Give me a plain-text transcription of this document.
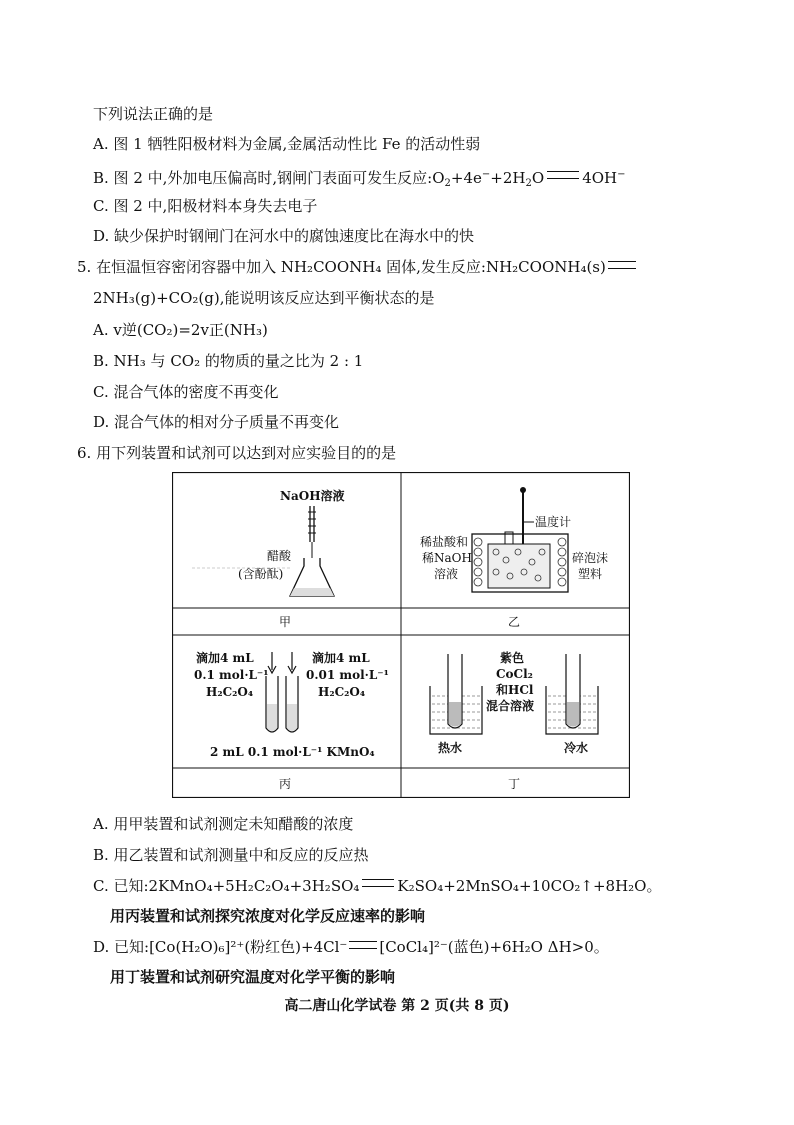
下列说法正确的是
A. 图 1 牺牲阳极材料为金属,金属活动性比 Fe 的活动性弱
B. 图 2 中,外加电压偏高时,钢闸门表面可发生反应$:O_2+4e^-+2H_2O$	4OH−
C. 图 2 中,阳极材料本身失去电子
D. 缺少保护时钢闸门在河水中的腐蚀速度比在海水中的快
5. 在恒温恒容密闭容器中加入 NH₂COONH₄ 固体,发生反应:NH₂COONH₄(s)
2NH₃(g)+CO₂(g),能说明该反应达到平衡状态的是
A. v逆(CO₂)=2v正(NH₃)
B. NH₃ 与 CO₂ 的物质的量之比为 2 : 1
C. 混合气体的密度不再变化
D. 混合气体的相对分子质量不再变化
6. 用下列装置和试剂可以达到对应实验目的的是
NaOH溶液
醋酸
(含酚酞)
甲
温度计
稀盐酸和
稀NaOH
溶液
碎泡沫
塑料
乙
滴加4 mL
0.1 mol·L⁻¹
H₂C₂O₄
滴加4 mL
0.01 mol·L⁻¹
H₂C₂O₄
2 mL 0.1 mol·L⁻¹ KMnO₄
丙
紫色
CoCl₂
和HCl
混合溶液
热水	冷水
丁
A. 用甲装置和试剂测定未知醋酸的浓度
B. 用乙装置和试剂测量中和反应的反应热
C. 已知:2KMnO₄+5H₂C₂O₄+3H₂SO₄	K₂SO₄+2MnSO₄+10CO₂↑+8H₂O。
用丙装置和试剂探究浓度对化学反应速率的影响
D. 已知:[Co(H₂O)₆]²⁺(粉红色)+4Cl⁻ [CoCl₄]²⁻(蓝色)+6H₂O ΔH>0。
用丁装置和试剂研究温度对化学平衡的影响
高二唐山化学试卷 第 2 页(共 8 页)
